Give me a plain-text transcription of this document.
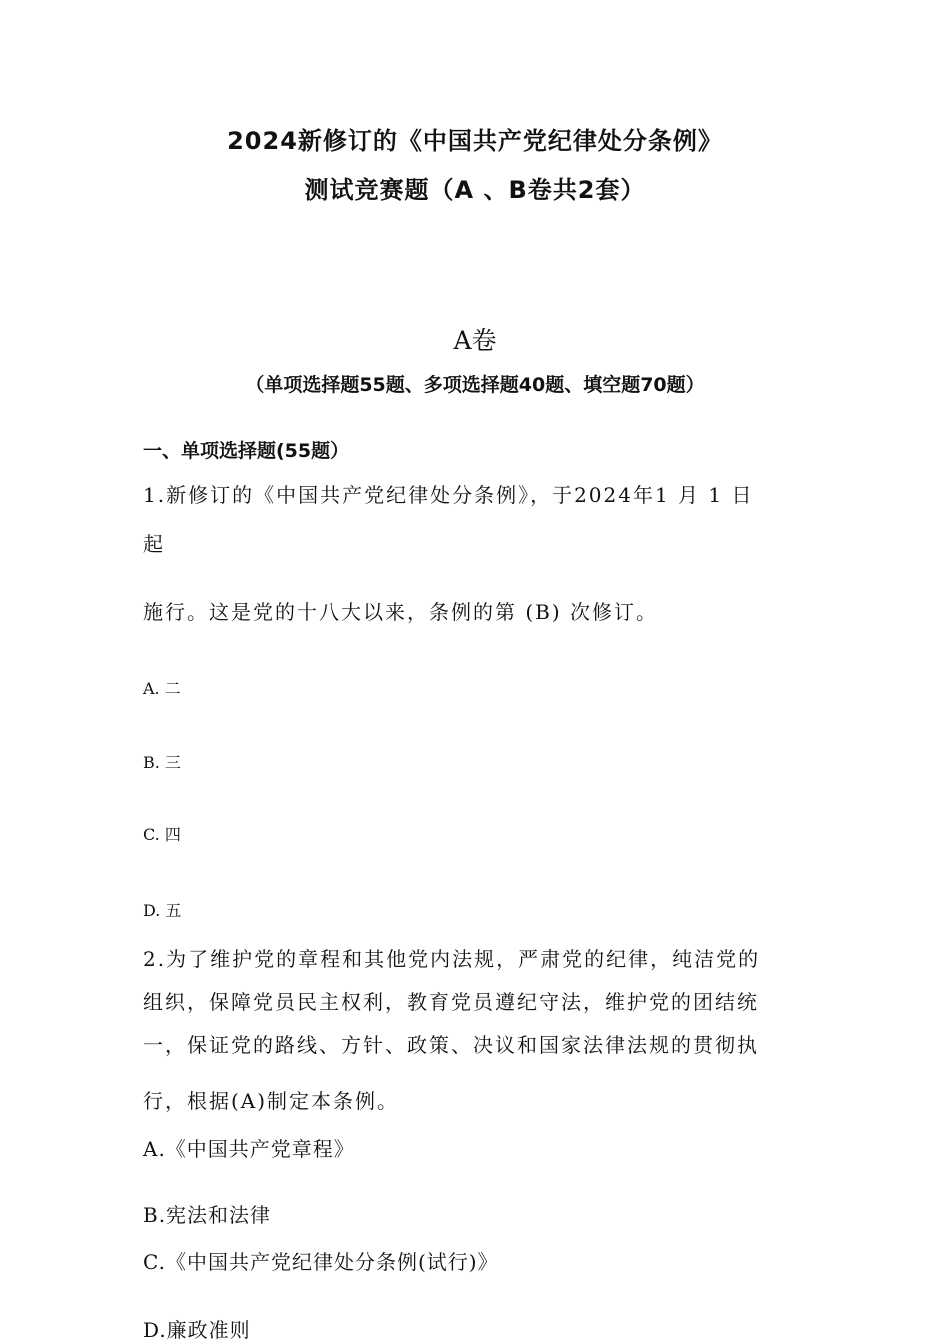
2024新修订的《中国共产党纪律处分条例》
测试竞赛题（A 、B卷共2套）
A卷
（单项选择题55题、多项选择题40题、填空题70题）
一、单项选择题(55题）
1.新修订的《中国共产党纪律处分条例》，于2024年1 月 1 日
起
施行。这是党的十八大以来，条例的第 (B) 次修订。
A. 二
B. 三
C. 四
D. 五
2.为了维护党的章程和其他党内法规，严肃党的纪律，纯洁党的
组织，保障党员民主权利，教育党员遵纪守法，维护党的团结统
一，保证党的路线、方针、政策、决议和国家法律法规的贯彻执
行，根据(A)制定本条例。
A.《中国共产党章程》
B.宪法和法律
C.《中国共产党纪律处分条例(试行)》
D.廉政准则
